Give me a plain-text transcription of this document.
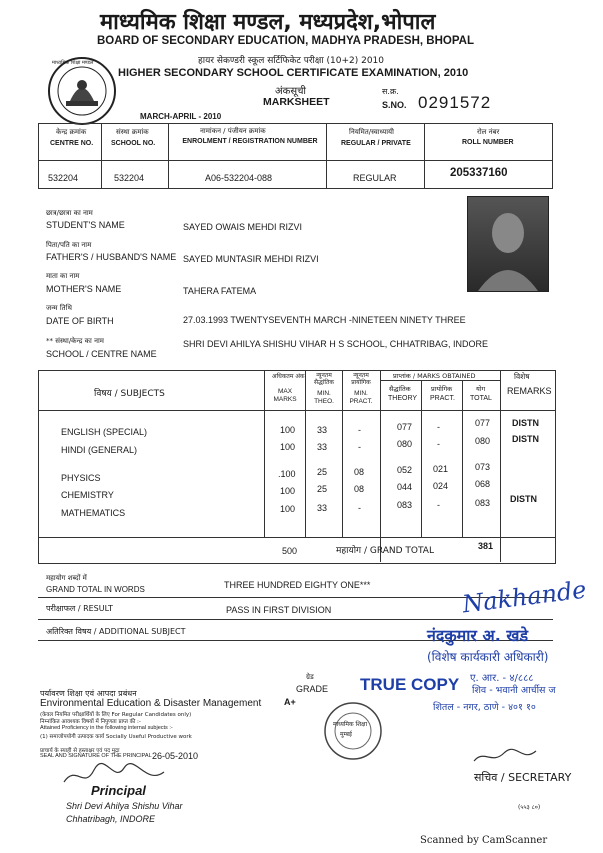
माध्यमिक शिक्षा मण्डल, मध्यप्रदेश,भोपाल
BOARD OF SECONDARY EDUCATION, MADHYA PRADESH, BHOPAL
हायर सेकण्डरी स्कूल सर्टिफिकेट परीक्षा (10+2) 2010
HIGHER SECONDARY SCHOOL CERTIFICATE EXAMINATION, 2010
माध्यमिक शिक्षा मण्डल
अंकसूची
MARKSHEET
MARCH-APRIL - 2010
स.क्र.
S.NO. 0291572
केन्द्र क्रमांक
CENTRE NO.
532204
संस्था क्रमांक
SCHOOL NO.
532204
नामांकन / पंजीयन क्रमांक
ENROLMENT / REGISTRATION NUMBER
A06-532204-088
नियमित/स्वाध्यायी
REGULAR / PRIVATE
REGULAR
रोल नंबर
ROLL NUMBER
205337160
छात्र/छात्रा का नाम
STUDENT'S NAME	SAYED OWAIS MEHDI RIZVI
पिता/पति का नाम
FATHER'S / HUSBAND'S NAME SAYED MUNTASIR MEHDI RIZVI
माता का नाम
MOTHER'S NAME	TAHERA FATEMA
जन्म तिथि
DATE OF BIRTH	27.03.1993 TWENTYSEVENTH MARCH -NINETEEN NINETY THREE
** संस्था/केन्द्र का नाम
SCHOOL / CENTRE NAME
SHRI DEVI AHILYA SHISHU VIHAR H S SCHOOL, CHHATRIBAG, INDORE
विषय / SUBJECTS
अधिकतम अंक
MAX MARKS
न्यूनतम सैद्धांतिक
MIN. THEO.
न्यूनतम प्रायोगिक
MIN. PRACT.
प्राप्तांक / MARKS OBTAINED
सैद्धांतिक
THEORY
प्रायोगिक
PRACT.
योग
TOTAL
विशेष
REMARKS
ENGLISH (SPECIAL)	100 33	-	077	-	077 DISTN
HINDI (GENERAL)	100 33	-	080	-	080 DISTN
PHYSICS	.100 25	08	052 021	073
CHEMISTRY	100 25	08	044 024	068
MATHEMATICS	100 33	-	083	-	083 DISTN
500	महायोग / GRAND TOTAL	381
महायोग शब्दों में
GRAND TOTAL IN WORDS	THREE HUNDRED EIGHTY ONE***
परीक्षाफल / RESULT	PASS IN FIRST DIVISION
अतिरिक्त विषय / ADDITIONAL SUBJECT
Nakhande
नंदकुमार अ. खडे
(विशेष कार्यकारी अधिकारी)
ए. आर. - ४/८८८
TRUE COPY शिव - भवानी आर्चीस ज
शितल - नगर, ठाणे - ४०१ १०
पर्यावरण शिक्षा एवं आपदा प्रबंधन
Environmental Education & Disaster Management
(केवल नियमित परीक्षार्थियों के लिए For Regular Candidates only)
निम्नांकित आवश्यक विषयों में निपुणता प्राप्त की :-
Attained Proficiency in the following internal subjects :-
(1) समाजोपयोगी उत्पादक कार्य Socially Useful Productive work
ग्रेड
GRADE
A+
माध्यमिक शिक्षा
मुम्बई
प्राचार्य के स्याही से हस्ताक्षर एवं पद मुद्रा
SEAL AND SIGNATURE OF THE PRINCIPAL 26-05-2010
Principal
Shri Devi Ahilya Shishu Vihar
Chhatribagh, INDORE
सचिव / SECRETARY
(५५३ ८०)
Scanned by CamScanner
